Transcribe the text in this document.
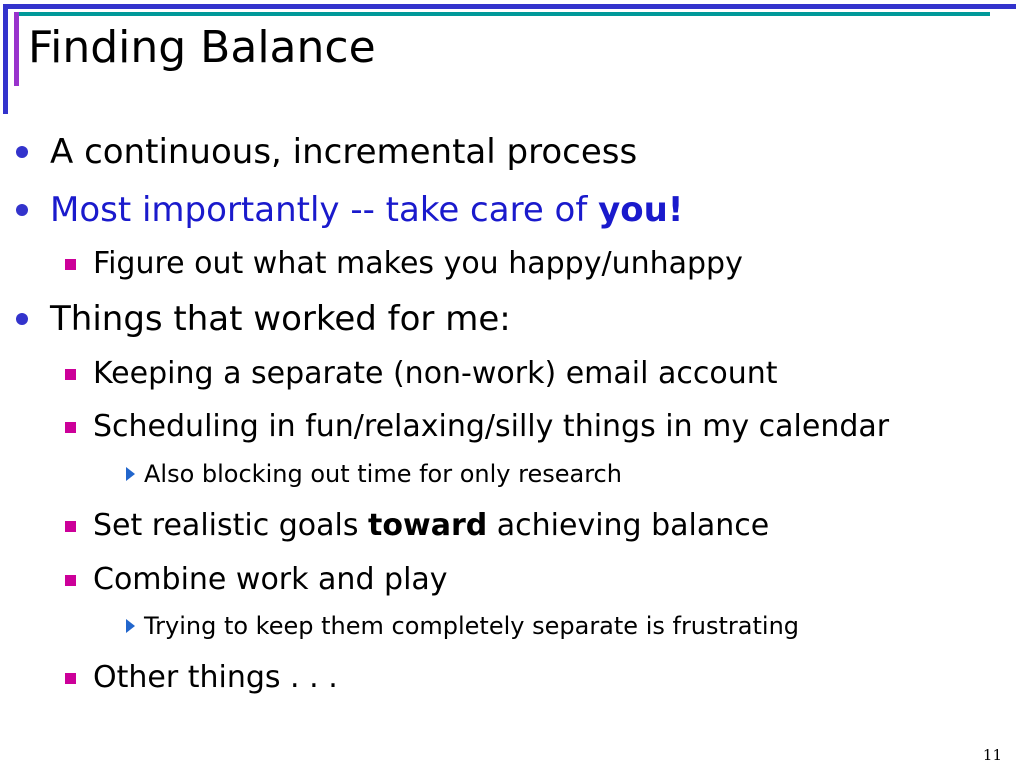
Finding Balance
A continuous, incremental process
Most importantly -- take care of you!
Figure out what makes you happy/unhappy
Things that worked for me:
Keeping a separate (non-work) email account
Scheduling in fun/relaxing/silly things in my calendar
Also blocking out time for only research
Set realistic goals toward achieving balance
Combine work and play
Trying to keep them completely separate is frustrating
Other things . . .
11
